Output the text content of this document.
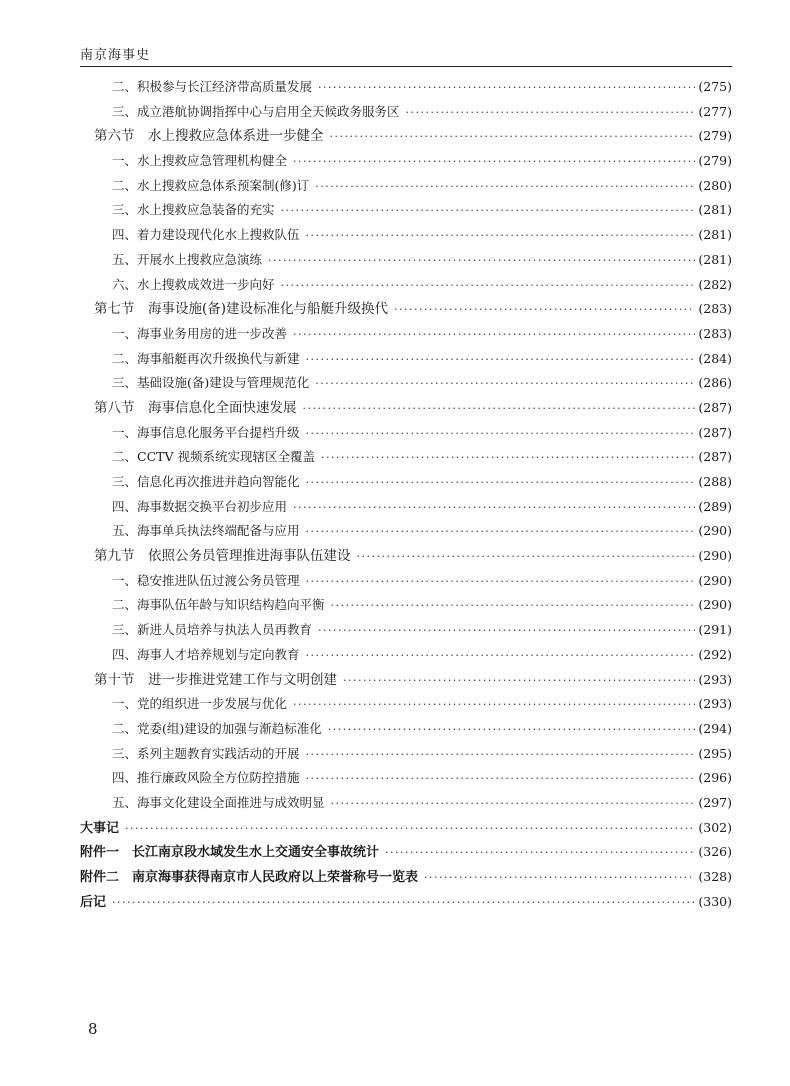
南京海事史
二、积极参与长江经济带高质量发展 ·····	(275)
三、成立港航协调指挥中心与启用全天候政务服务区 ·····	(277)
第六节　水上搜救应急体系进一步健全 ·····	(279)
一、水上搜救应急管理机构健全 ·····	(279)
二、水上搜救应急体系预案制(修)订 ·····	(280)
三、水上搜救应急装备的充实 ·····	(281)
四、着力建设现代化水上搜救队伍 ·····	(281)
五、开展水上搜救应急演练 ·····	(281)
六、水上搜救成效进一步向好 ·····	(282)
第七节　海事设施(备)建设标准化与船艇升级换代 ·····	(283)
一、海事业务用房的进一步改善 ·····	(283)
二、海事船艇再次升级换代与新建 ·····	(284)
三、基础设施(备)建设与管理规范化 ·····	(286)
第八节　海事信息化全面快速发展 ·····	(287)
一、海事信息化服务平台提档升级 ·····	(287)
二、CCTV 视频系统实现辖区全覆盖 ·····	(287)
三、信息化再次推进并趋向智能化 ·····	(288)
四、海事数据交换平台初步应用 ·····	(289)
五、海事单兵执法终端配备与应用 ·····	(290)
第九节　依照公务员管理推进海事队伍建设 ·····	(290)
一、稳安推进队伍过渡公务员管理 ·····	(290)
二、海事队伍年龄与知识结构趋向平衡 ·····	(290)
三、新进人员培养与执法人员再教育 ·····	(291)
四、海事人才培养规划与定向教育 ·····	(292)
第十节　进一步推进党建工作与文明创建 ·····	(293)
一、党的组织进一步发展与优化 ·····	(293)
二、党委(组)建设的加强与渐趋标准化 ·····	(294)
三、系列主题教育实践活动的开展 ·····	(295)
四、推行廉政风险全方位防控措施 ·····	(296)
五、海事文化建设全面推进与成效明显 ·····	(297)
大事记 ·····	(302)
附件一　长江南京段水域发生水上交通安全事故统计 ·····	(326)
附件二　南京海事获得南京市人民政府以上荣誉称号一览表 ·····	(328)
后记 ·····	(330)
8
